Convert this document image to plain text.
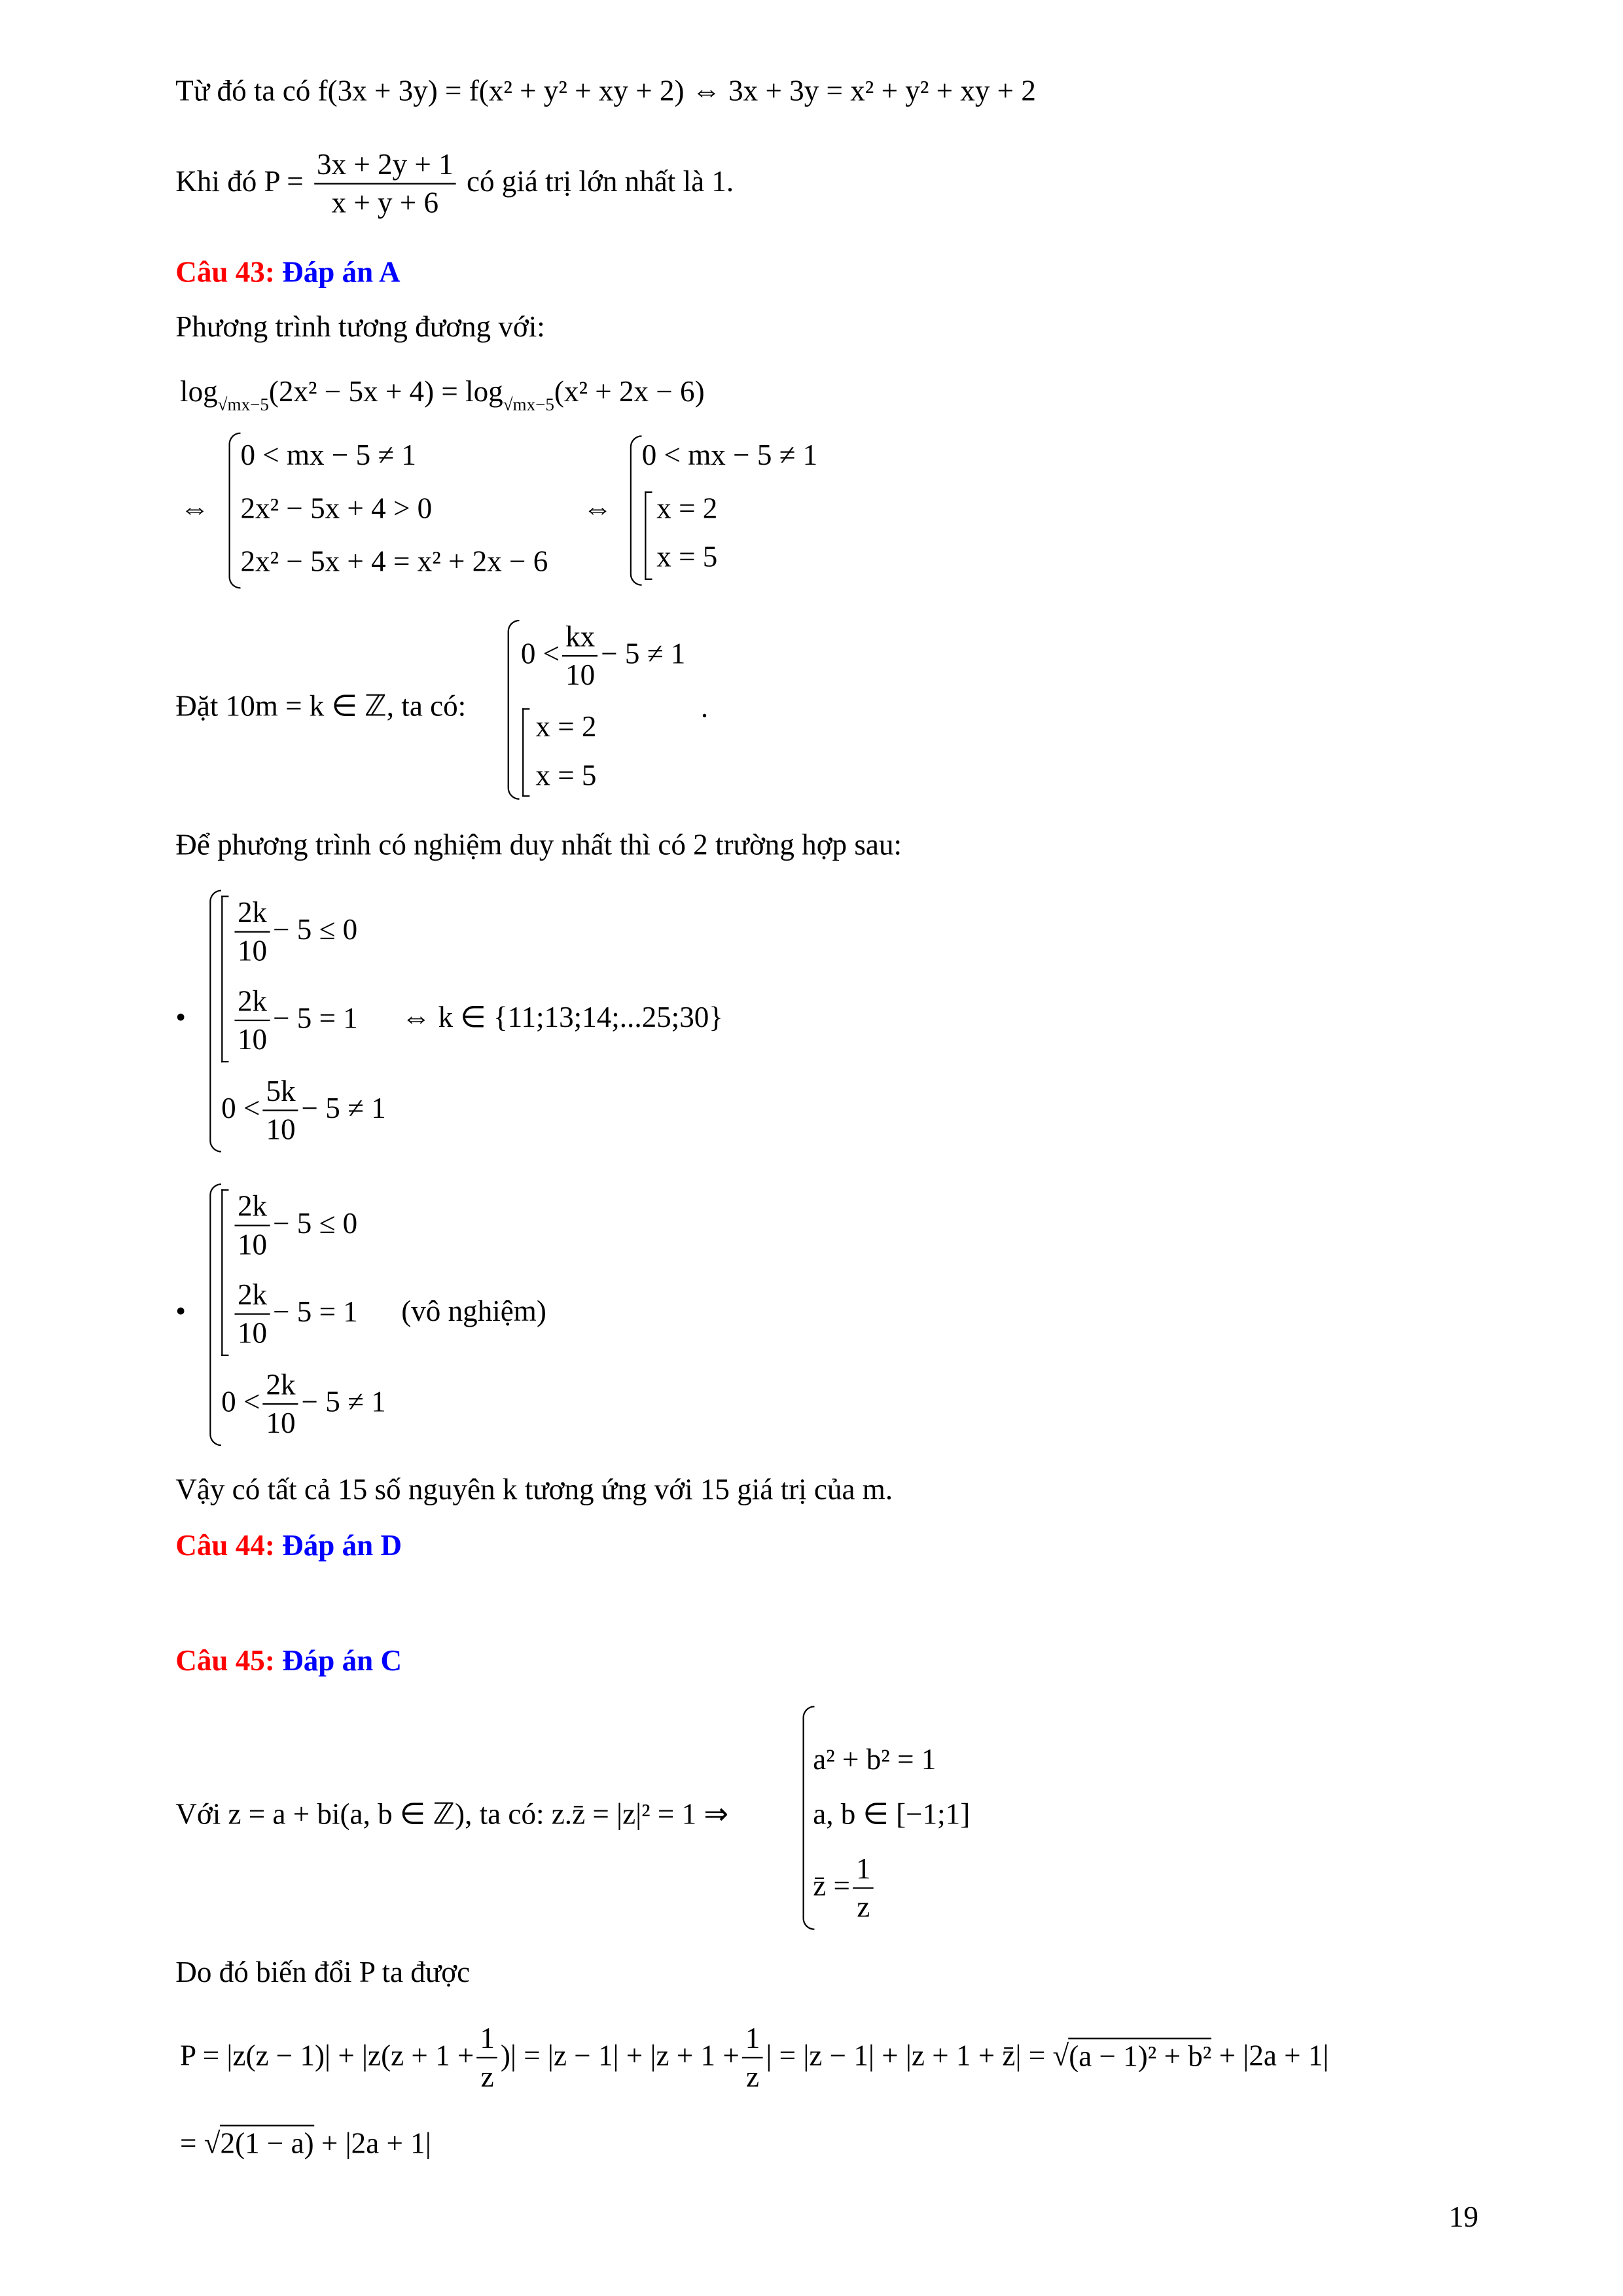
Từ đó ta có f(3x + 3y) = f(x² + y² + xy + 2) ⇔ 3x + 3y = x² + y² + xy + 2
Khi đó $P = \frac{3x + 2y + 1}{x + y + 6}$ có giá trị lớn nhất là 1.
Câu 43: Đáp án A
Phương trình tương đương với:
$\log_{√mx-5}(2x^2 - 5x + 4) = \log_{√mx-5}(x^2 + 2x - 6)$
⇔
0 < mx − 5 ≠ 1
2x² − 5x + 4 > 0
2x² − 5x + 4 = x² + 2x − 6
⇔
0 < mx − 5 ≠ 1
x = 2
x = 5
Đặt 10m = k ∈ ℤ, ta có:
$0 < \frac{kx}{10} - 5 \ne 1$
x = 2
x = 5
.
Để phương trình có nghiệm duy nhất thì có 2 trường hợp sau:
•
$\frac{2k}{10} - 5 \le 0$
$\frac{2k}{10} - 5 = 1$
$0 < \frac{5k}{10} - 5 \ne 1$
⇔ k ∈ {11;13;14;...25;30}
•
$\frac{2k}{10} - 5 \le 0$
$\frac{2k}{10} - 5 = 1$
$0 < \frac{2k}{10} - 5 \ne 1$
(vô nghiệm)
Vậy có tất cả 15 số nguyên k tương ứng với 15 giá trị của m.
Câu 44: Đáp án D
Câu 45: Đáp án C
Với z = a + bi(a, b ∈ ℤ), ta có: z.z̄ = |z|² = 1 ⇒
a² + b² = 1
a, b ∈ [−1;1]
z̄ = $\frac{1}{z}$
Do đó biến đổi P ta được
$P = |z(z - 1)| + |z(z + 1 + \frac{1}{z}$ )| = $|z - 1| + |z + 1 + \frac{1}{z}$ | = |z − 1| + |z + 1 + z̄| = √(a − 1)² + b² + |2a + 1|
= √2(1 − a) + |2a + 1|
19
